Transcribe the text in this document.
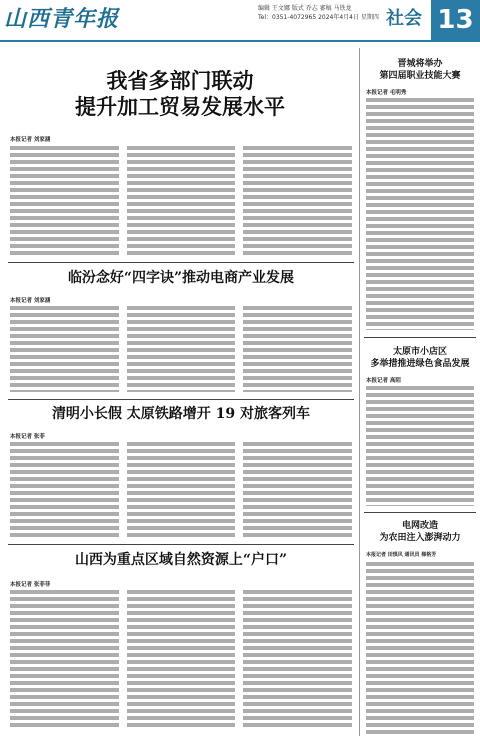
山西青年报	编辑 王文娜 版式 乔志 審稿 马铁龙
Tel：0351-4072965 2024年4月4日 星期四 社会 13
我省多部门联动
提升加工贸易发展水平
本报记者 刘家涵
临汾念好“四字诀”推动电商产业发展
本报记者 刘家涵
清明小长假 太原铁路增开 19 对旅客列车
本报记者 张菲
山西为重点区域自然资源上“户口”
本报记者 张菲菲
晋城将举办
第四届职业技能大赛
本报记者 毛明秀
太原市小店区
多举措推进绿色食品发展
本报记者 高陌
电网改造
为农田注入澎湃动力
本报记者 田惧风 通讯员 梯格芳
